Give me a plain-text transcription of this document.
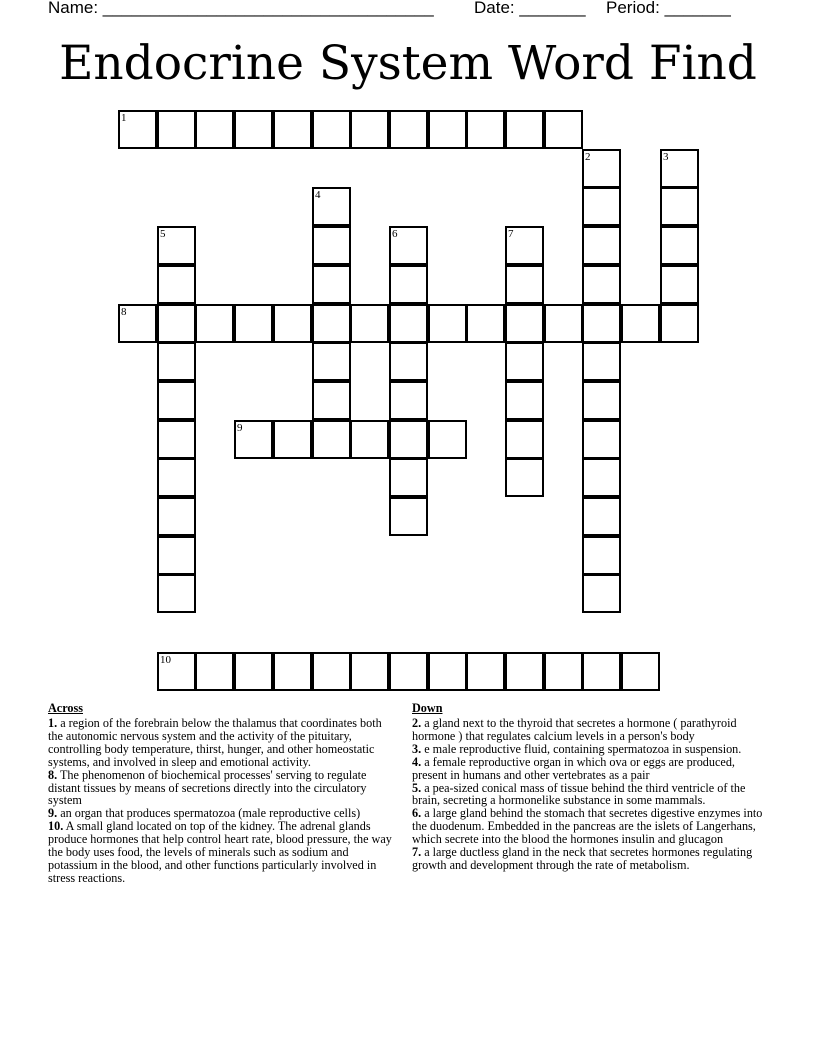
Name: ___________________________________

Date: _______

Period: _______

Endocrine System Word Find
1
8
9
10
2	3
4
5	6	7
Across
1. a region of the forebrain below the thalamus that coordinates both the autonomic nervous system and the activity of the pituitary, controlling body temperature, thirst, hunger, and other homeostatic systems, and involved in sleep and emotional activity.
8. The phenomenon of biochemical processes' serving to regulate distant tissues by means of secretions directly into the circulatory system
9. an organ that produces spermatozoa (male reproductive cells)
10. A small gland located on top of the kidney. The adrenal glands produce hormones that help control heart rate, blood pressure, the way the body uses food, the levels of minerals such as sodium and potassium in the blood, and other functions particularly involved in stress reactions.
Down
2. a gland next to the thyroid that secretes a hormone ( parathyroid hormone ) that regulates calcium levels in a person's body
3. e male reproductive fluid, containing spermatozoa in suspension.
4. a female reproductive organ in which ova or eggs are produced, present in humans and other vertebrates as a pair
5. a pea-sized conical mass of tissue behind the third ventricle of the brain, secreting a hormonelike substance in some mammals.
6. a large gland behind the stomach that secretes digestive enzymes into the duodenum. Embedded in the pancreas are the islets of Langerhans, which secrete into the blood the hormones insulin and glucagon
7. a large ductless gland in the neck that secretes hormones regulating growth and development through the rate of metabolism.
